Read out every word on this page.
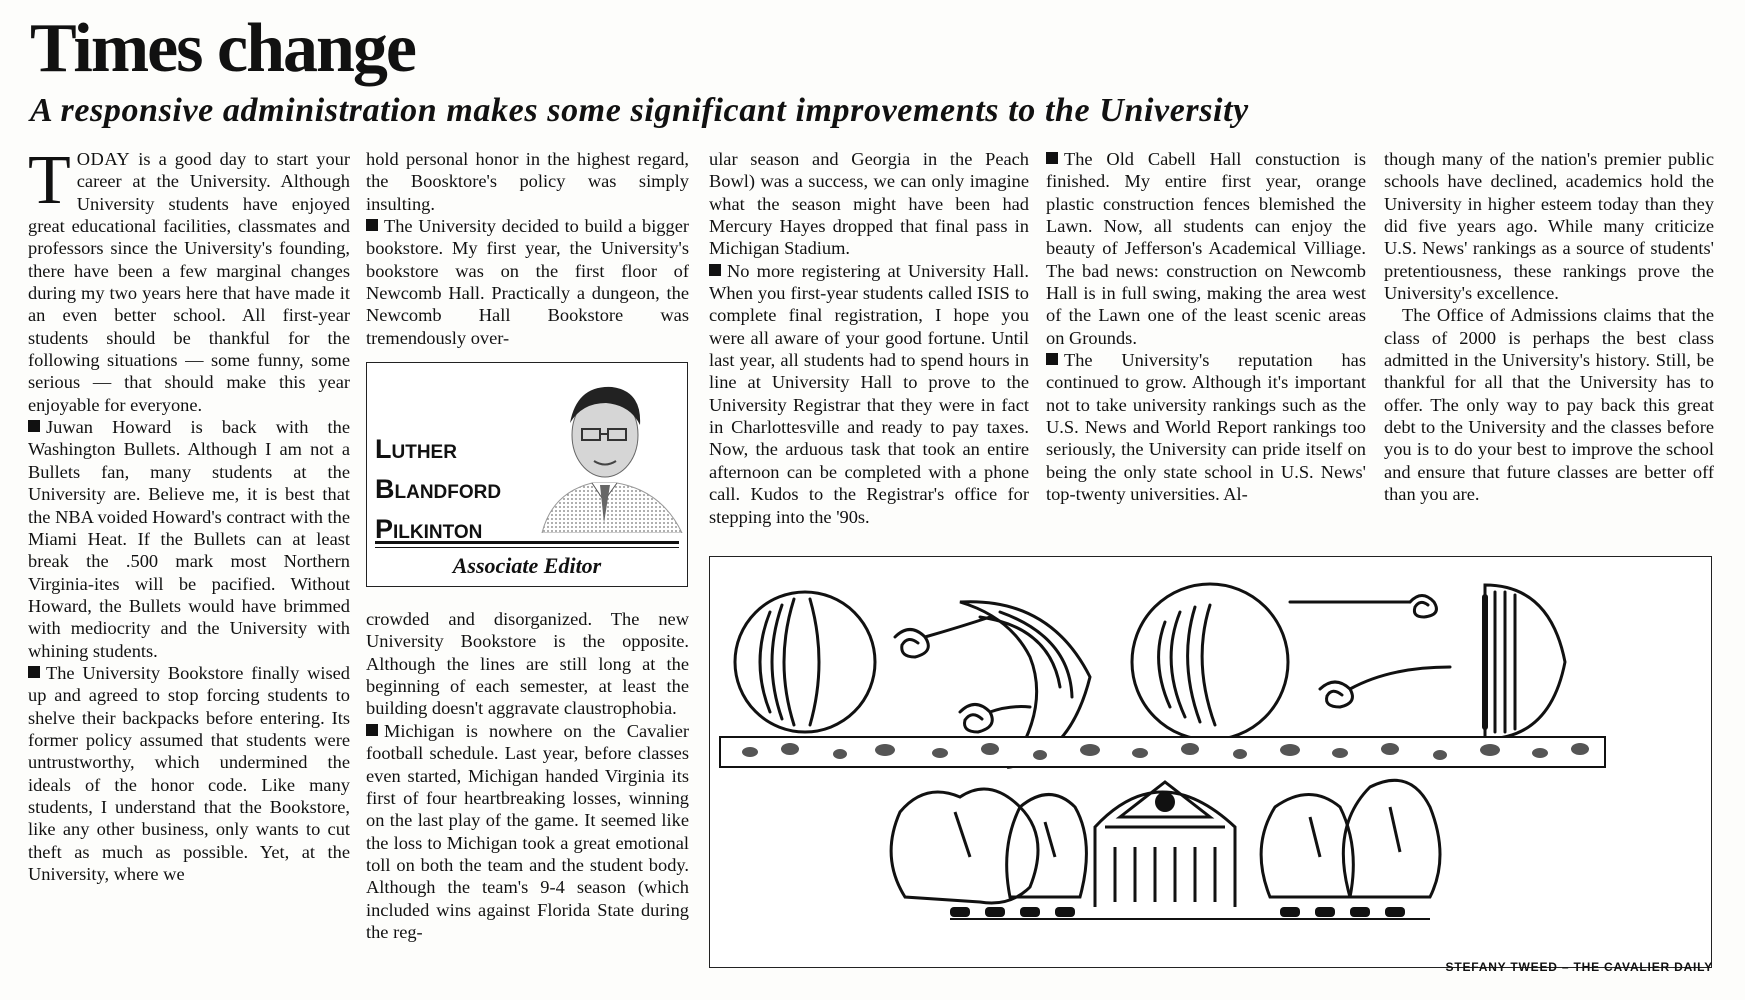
Times change
A responsive administration makes some significant improvements to the University

TODAY is a good day to start your career at the University. Although University students have enjoyed great educational facilities, classmates and professors since the University's founding, there have been a few marginal changes during my two years here that have made it an even better school. All first-year students should be thankful for the following situations — some funny, some serious — that should make this year enjoyable for everyone.

Juwan Howard is back with the Washington Bullets. Although I am not a Bullets fan, many students at the University are. Believe me, it is best that the NBA voided Howard's contract with the Miami Heat. If the Bullets can at least break the .500 mark most Northern Virginia-ites will be pacified. Without Howard, the Bullets would have brimmed with mediocrity and the University with whining students.

The University Bookstore finally wised up and agreed to stop forcing students to shelve their backpacks before entering. Its former policy assumed that students were untrustworthy, which undermined the ideals of the honor code. Like many students, I understand that the Bookstore, like any other business, only wants to cut theft as much as possible. Yet, at the University, where we

hold personal honor in the highest regard, the Boosktore's policy was simply insulting.

The University decided to build a bigger bookstore. My first year, the University's bookstore was on the first floor of Newcomb Hall. Practically a dungeon, the Newcomb Hall Bookstore was tremendously over-

crowded and disorganized. The new University Bookstore is the opposite. Although the lines are still long at the beginning of each semester, at least the building doesn't aggravate claustrophobia.

Michigan is nowhere on the Cavalier football schedule. Last year, before classes even started, Michigan handed Virginia its first of four heartbreaking losses, winning on the last play of the game. It seemed like the loss to Michigan took a great emotional toll on both the team and the student body. Although the team's 9-4 season (which included wins against Florida State during the reg-

Luther
Blandford
Pilkinton
Associate Editor

ular season and Georgia in the Peach Bowl) was a success, we can only imagine what the season might have been had Mercury Hayes dropped that final pass in Michigan Stadium.

No more registering at University Hall. When you first-year students called ISIS to complete final registration, I hope you were all aware of your good fortune. Until last year, all students had to spend hours in line at University Hall to prove to the University Registrar that they were in fact in Charlottesville and ready to pay taxes. Now, the arduous task that took an entire afternoon can be completed with a phone call. Kudos to the Registrar's office for stepping into the '90s.

The Old Cabell Hall constuction is finished. My entire first year, orange plastic construction fences blemished the Lawn. Now, all students can enjoy the beauty of Jefferson's Academical Villiage. The bad news: construction on Newcomb Hall is in full swing, making the area west of the Lawn one of the least scenic areas on Grounds.

The University's reputation has continued to grow. Although it's important not to take university rankings such as the U.S. News and World Report rankings too seriously, the University can pride itself on being the only state school in U.S. News' top-twenty universities. Al-

though many of the nation's premier public schools have declined, academics hold the University in higher esteem today than they did five years ago. While many criticize U.S. News' rankings as a source of students' pretentiousness, these rankings prove the University's excellence.

The Office of Admissions claims that the class of 2000 is perhaps the best class admitted in the University's history. Still, be thankful for all that the University has to offer. The only way to pay back this great debt to the University and the classes before you is to do your best to improve the school and ensure that future classes are better off than you are.

STEFANY TWEED – THE CAVALIER DAILY
